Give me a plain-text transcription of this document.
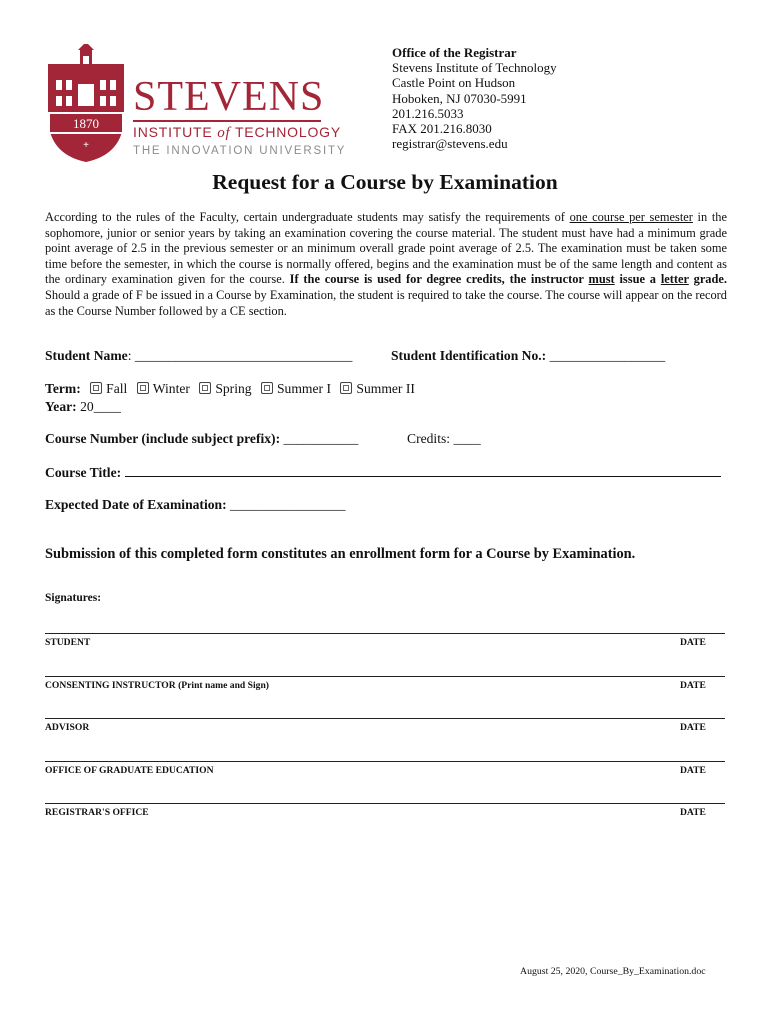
1870
+
STEVENS
INSTITUTE of TECHNOLOGY
THE INNOVATION UNIVERSITY
Office of the Registrar
Stevens Institute of Technology
Castle Point on Hudson
Hoboken, NJ 07030-5991
201.216.5033
FAX 201.216.8030
registrar@stevens.edu
Request for a Course by Examination
According to the rules of the Faculty, certain undergraduate students may satisfy the requirements of one course per semester in the sophomore, junior or senior years by taking an examination covering the course material. The student must have had a minimum grade point average of 2.5 in the previous semester or an minimum overall grade point average of 2.5. The examination must be taken some time before the semester, in which the course is normally offered, begins and the examination must be of the same length and content as the ordinary examination given for the course. If the course is used for degree credits, the instructor must issue a letter grade. Should a grade of F be issued in a Course by Examination, the student is required to take the course. The course will appear on the record as the Course Number followed by a CE section.
Student Name: ________________________________	Student Identification No.: _________________
Term: Fall Winter Spring Summer I Summer II
Year: 20____
Course Number (include subject prefix): ___________	Credits: ____
Course Title:
Expected Date of Examination: _________________
Submission of this completed form constitutes an enrollment form for a Course by Examination.
Signatures:
STUDENT	DATE
CONSENTING INSTRUCTOR (Print name and Sign)	DATE
ADVISOR	DATE
OFFICE OF GRADUATE EDUCATION	DATE
REGISTRAR'S OFFICE	DATE
August 25, 2020, Course_By_Examination.doc
